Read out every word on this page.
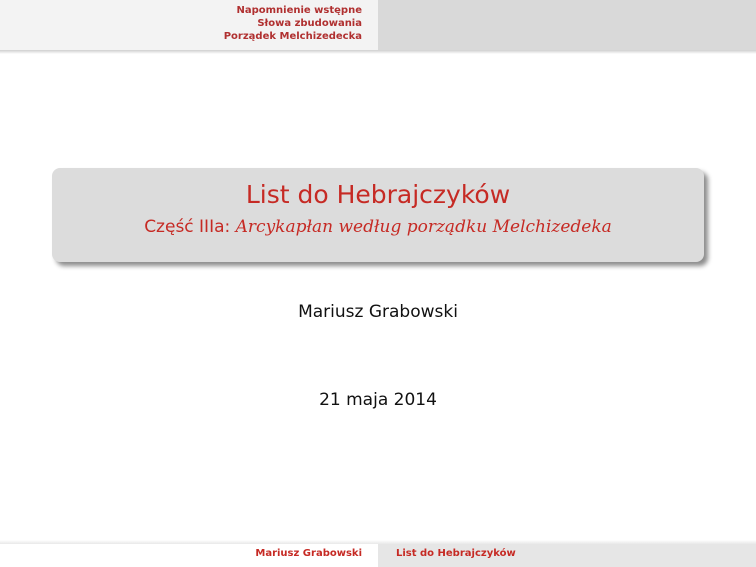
Napomnienie wstępne
Słowa zbudowania
Porządek Melchizedecka
List do Hebrajczyków
Część IIIa: Arcykapłan według porządku Melchizedeka
Mariusz Grabowski
21 maja 2014
Mariusz Grabowski	List do Hebrajczyków
